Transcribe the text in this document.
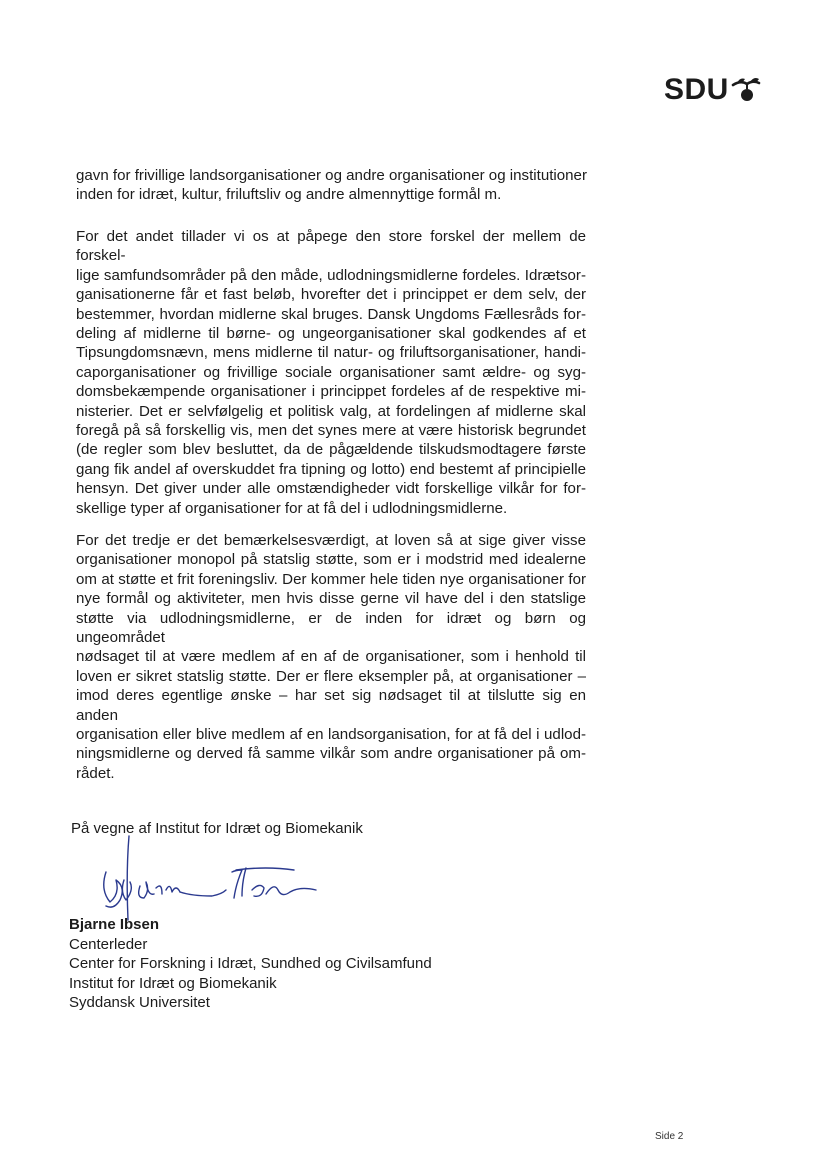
SDU
gavn for frivillige landsorganisationer og andre organisationer og institutioner
inden for idræt, kultur, friluftsliv og andre almennyttige formål m.
For det andet tillader vi os at påpege den store forskel der mellem de forskel-
lige samfundsområder på den måde, udlodningsmidlerne fordeles. Idrætsor-
ganisationerne får et fast beløb, hvorefter det i princippet er dem selv, der
bestemmer, hvordan midlerne skal bruges. Dansk Ungdoms Fællesråds for-
deling af midlerne til børne- og ungeorganisationer skal godkendes af et
Tipsungdomsnævn, mens midlerne til natur- og friluftsorganisationer, handi-
caporganisationer og frivillige sociale organisationer samt ældre- og syg-
domsbekæmpende organisationer i princippet fordeles af de respektive mi-
nisterier. Det er selvfølgelig et politisk valg, at fordelingen af midlerne skal
foregå på så forskellig vis, men det synes mere at være historisk begrundet
(de regler som blev besluttet, da de pågældende tilskudsmodtagere første
gang fik andel af overskuddet fra tipning og lotto) end bestemt af principielle
hensyn. Det giver under alle omstændigheder vidt forskellige vilkår for for-
skellige typer af organisationer for at få del i udlodningsmidlerne.
For det tredje er det bemærkelsesværdigt, at loven så at sige giver visse
organisationer monopol på statslig støtte, som er i modstrid med idealerne
om at støtte et frit foreningsliv. Der kommer hele tiden nye organisationer for
nye formål og aktiviteter, men hvis disse gerne vil have del i den statslige
støtte via udlodningsmidlerne, er de inden for idræt og børn og ungeområdet
nødsaget til at være medlem af en af de organisationer, som i henhold til
loven er sikret statslig støtte. Der er flere eksempler på, at organisationer –
imod deres egentlige ønske – har set sig nødsaget til at tilslutte sig en anden
organisation eller blive medlem af en landsorganisation, for at få del i udlod-
ningsmidlerne og derved få samme vilkår som andre organisationer på om-
rådet.

På vegne af Institut for Idræt og Biomekanik

Bjarne Ibsen
Centerleder
Center for Forskning i Idræt, Sundhed og Civilsamfund
Institut for Idræt og Biomekanik
Syddansk Universitet
Side 2
